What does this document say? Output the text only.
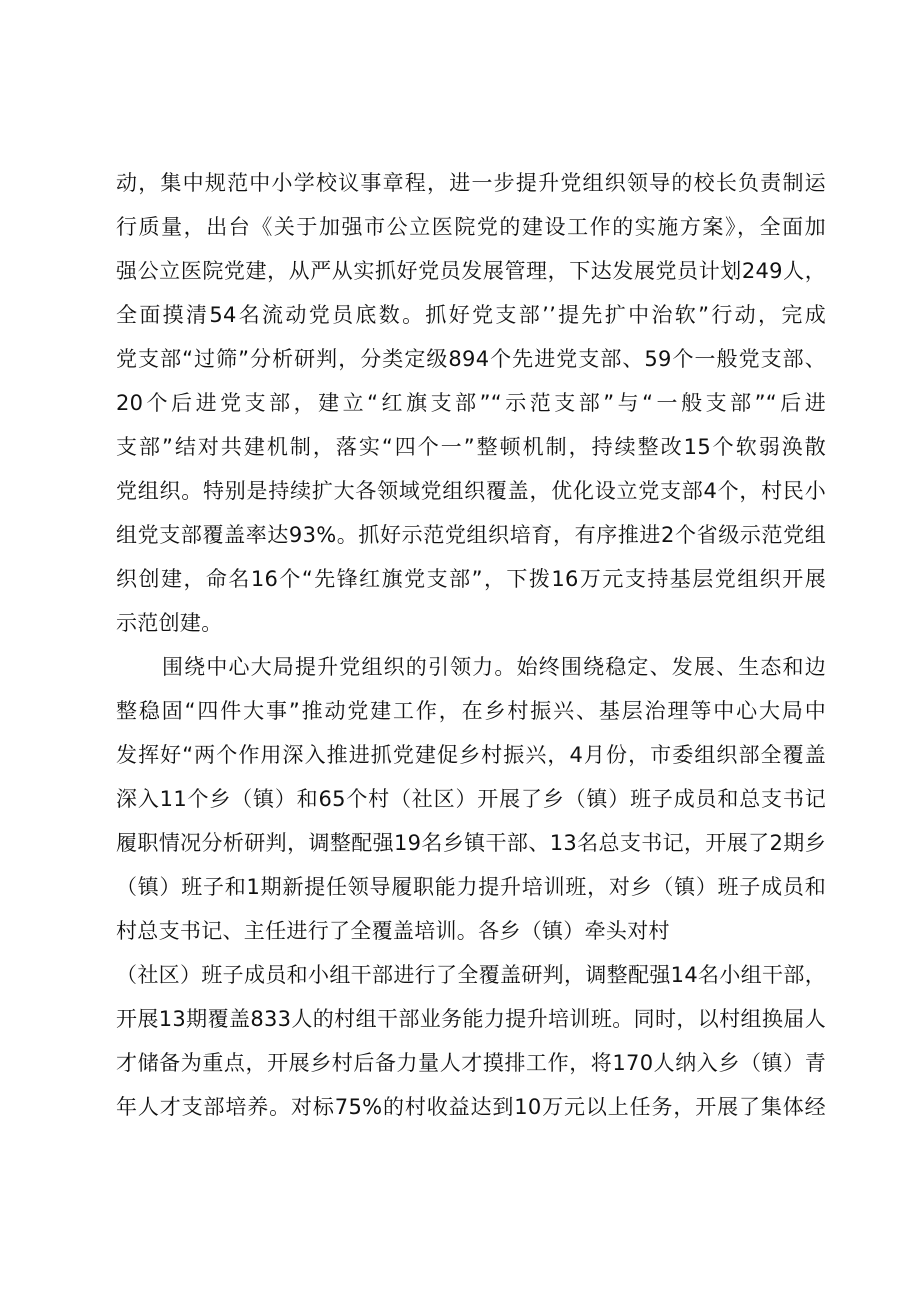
动，集中规范中小学校议事章程，进一步提升党组织领导的校长负责制运
行质量，出台《关于加强市公立医院党的建设工作的实施方案》，全面加
强公立医院党建，从严从实抓好党员发展管理，下达发展党员计划249人，
全面摸清54名流动党员底数。抓好党支部’’提先扩中治软”行动，完成
党支部“过筛”分析研判，分类定级894个先进党支部、59个一般党支部、
20个后进党支部，建立“红旗支部”“示范支部”与“一般支部”“后进
支部”结对共建机制，落实“四个一”整顿机制，持续整改15个软弱涣散
党组织。特别是持续扩大各领域党组织覆盖，优化设立党支部4个，村民小
组党支部覆盖率达93%。抓好示范党组织培育，有序推进2个省级示范党组
织创建，命名16个“先锋红旗党支部”，下拨16万元支持基层党组织开展
示范创建。
围绕中心大局提升党组织的引领力。始终围绕稳定、发展、生态和边
整稳固“四件大事”推动党建工作，在乡村振兴、基层治理等中心大局中
发挥好“两个作用深入推进抓党建促乡村振兴，4月份，市委组织部全覆盖
深入11个乡（镇）和65个村（社区）开展了乡（镇）班子成员和总支书记
履职情况分析研判，调整配强19名乡镇干部、13名总支书记，开展了2期乡
（镇）班子和1期新提任领导履职能力提升培训班，对乡（镇）班子成员和
村总支书记、主任进行了全覆盖培训。各乡（镇）牵头对村
（社区）班子成员和小组干部进行了全覆盖研判，调整配强14名小组干部，
开展13期覆盖833人的村组干部业务能力提升培训班。同时，以村组换届人
才储备为重点，开展乡村后备力量人才摸排工作，将170人纳入乡（镇）青
年人才支部培养。对标75%的村收益达到10万元以上任务，开展了集体经
